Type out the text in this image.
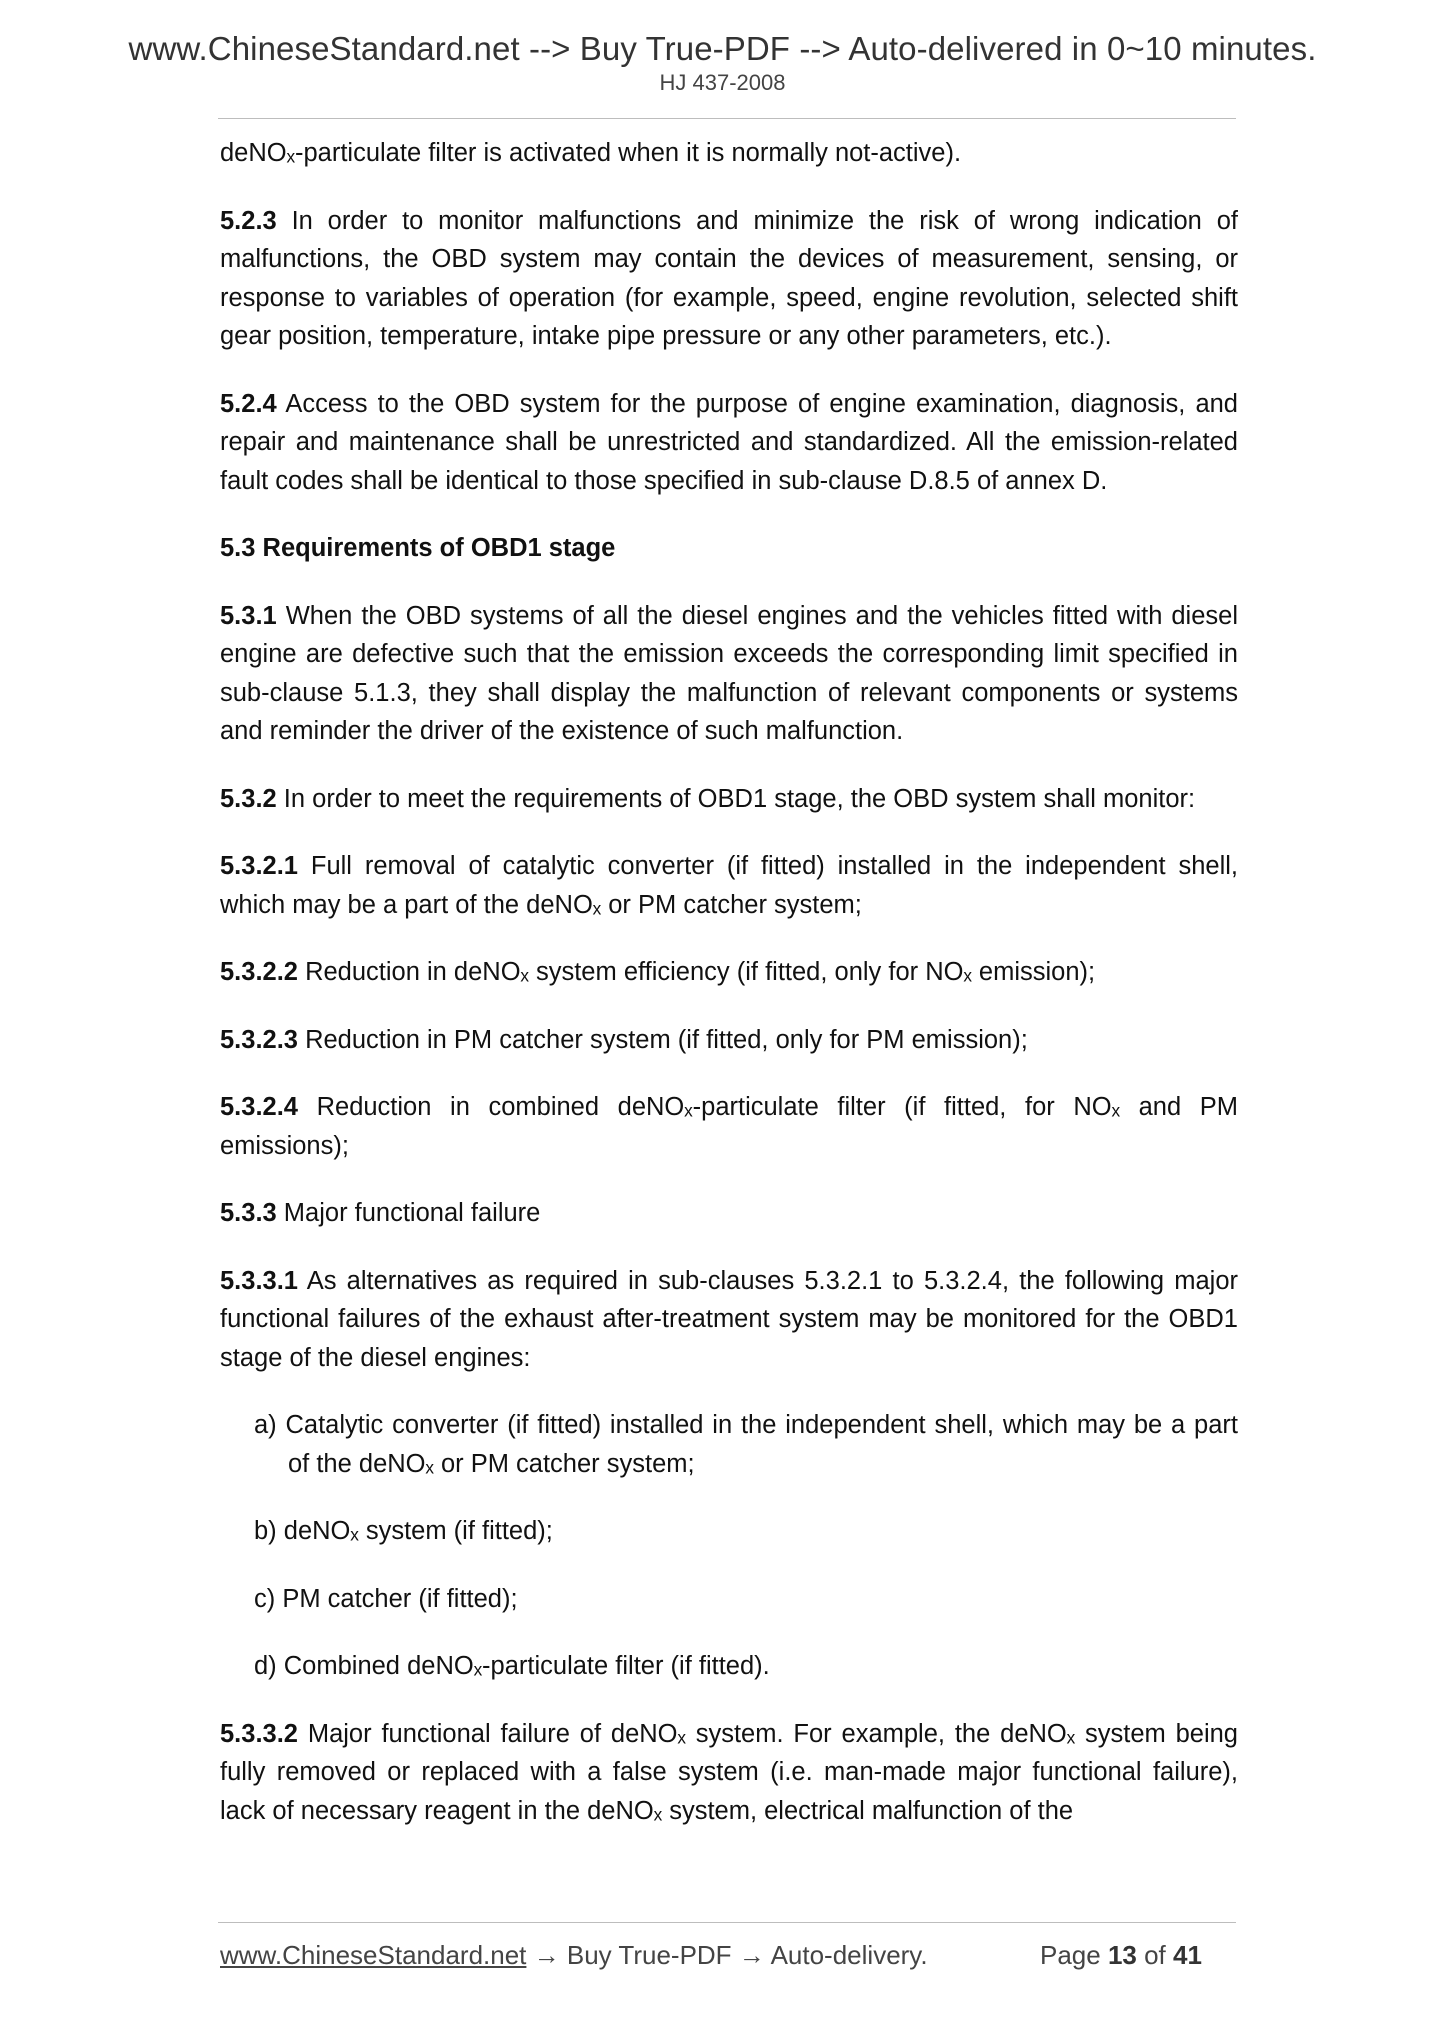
www.ChineseStandard.net --> Buy True-PDF --> Auto-delivered in 0~10 minutes.
HJ 437-2008

deNOₓ-particulate filter is activated when it is normally not-active).

5.2.3 In order to monitor malfunctions and minimize the risk of wrong indication of malfunctions, the OBD system may contain the devices of measurement, sensing, or response to variables of operation (for example, speed, engine revolution, selected shift gear position, temperature, intake pipe pressure or any other parameters, etc.).

5.2.4 Access to the OBD system for the purpose of engine examination, diagnosis, and repair and maintenance shall be unrestricted and standardized. All the emission-related fault codes shall be identical to those specified in sub-clause D.8.5 of annex D.

5.3 Requirements of OBD1 stage

5.3.1 When the OBD systems of all the diesel engines and the vehicles fitted with diesel engine are defective such that the emission exceeds the corresponding limit specified in sub-clause 5.1.3, they shall display the malfunction of relevant components or systems and reminder the driver of the existence of such malfunction.

5.3.2 In order to meet the requirements of OBD1 stage, the OBD system shall monitor:

5.3.2.1 Full removal of catalytic converter (if fitted) installed in the independent shell, which may be a part of the deNOₓ or PM catcher system;

5.3.2.2 Reduction in deNOₓ system efficiency (if fitted, only for NOₓ emission);

5.3.2.3 Reduction in PM catcher system (if fitted, only for PM emission);

5.3.2.4 Reduction in combined deNOₓ-particulate filter (if fitted, for NOₓ and PM emissions);

5.3.3 Major functional failure

5.3.3.1 As alternatives as required in sub-clauses 5.3.2.1 to 5.3.2.4, the following major functional failures of the exhaust after-treatment system may be monitored for the OBD1 stage of the diesel engines:

a) Catalytic converter (if fitted) installed in the independent shell, which may be a part of the deNOₓ or PM catcher system;

b) deNOₓ system (if fitted);

c) PM catcher (if fitted);

d) Combined deNOₓ-particulate filter (if fitted).

5.3.3.2 Major functional failure of deNOₓ system. For example, the deNOₓ system being fully removed or replaced with a false system (i.e. man-made major functional failure), lack of necessary reagent in the deNOₓ system, electrical malfunction of the

www.ChineseStandard.net → Buy True-PDF → Auto-delivery.	Page 13 of 41
